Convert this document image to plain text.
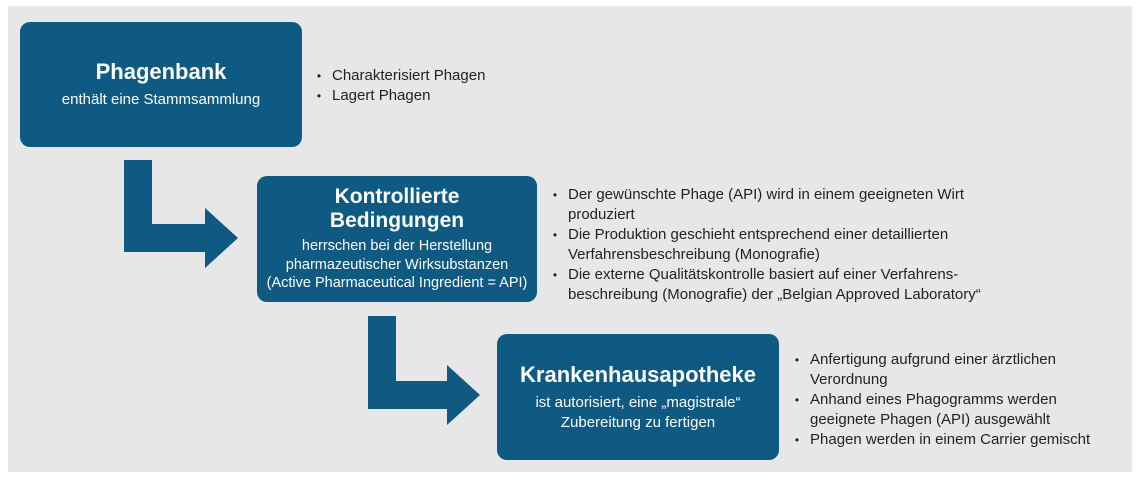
Phagenbank
enthält eine Stammsammlung
• Charakterisiert Phagen
• Lagert Phagen
Kontrollierte
Bedingungen
herrschen bei der Herstellung
pharmazeutischer Wirksubstanzen
(Active Pharmaceutical Ingredient = API)
• Der gewünschte Phage (API) wird in einem geeigneten Wirt
produziert
• Die Produktion geschieht entsprechend einer detaillierten
Verfahrensbeschreibung (Monografie)
• Die externe Qualitätskontrolle basiert auf einer Verfahrens-
beschreibung (Monografie) der „Belgian Approved Laboratory“
Krankenhausapotheke
ist autorisiert, eine „magistrale“
Zubereitung zu fertigen
• Anfertigung aufgrund einer ärztlichen
Verordnung
• Anhand eines Phagogramms werden
geeignete Phagen (API) ausgewählt
• Phagen werden in einem Carrier gemischt
